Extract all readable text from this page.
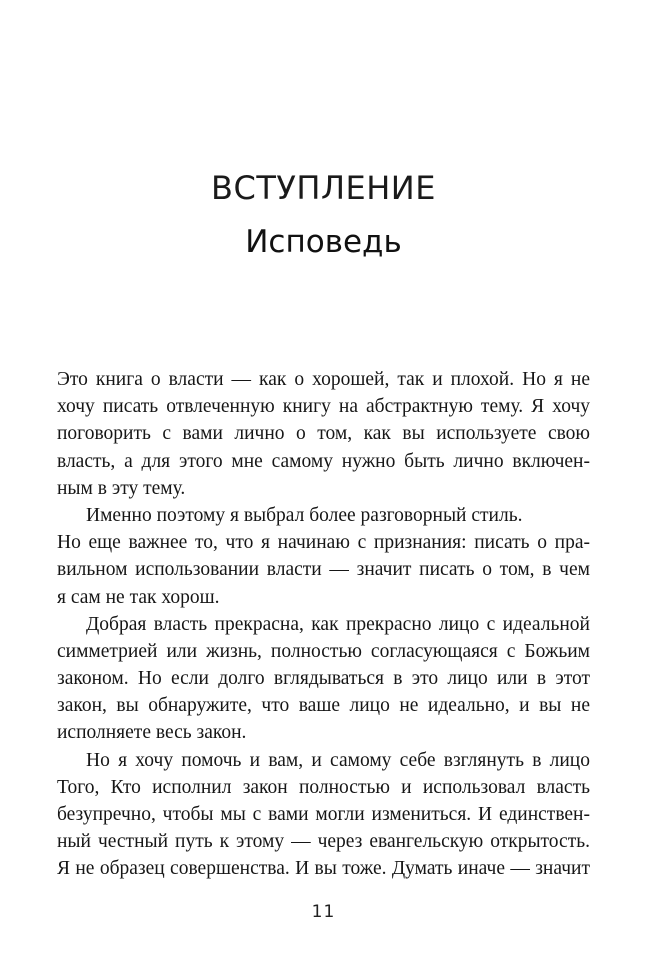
ВСТУПЛЕНИЕ
Исповедь
Это книга о власти — как о хорошей, так и плохой. Но я не
хочу писать отвлеченную книгу на абстрактную тему. Я хочу
поговорить с вами лично о том, как вы используете свою
власть, а для этого мне самому нужно быть лично включен-
ным в эту тему.
Именно поэтому я выбрал более разговорный стиль.
Но еще важнее то, что я начинаю с признания: писать о пра-
вильном использовании власти — значит писать о том, в чем
я сам не так хорош.
Добрая власть прекрасна, как прекрасно лицо с идеальной
симметрией или жизнь, полностью согласующаяся с Божьим
законом. Но если долго вглядываться в это лицо или в этот
закон, вы обнаружите, что ваше лицо не идеально, и вы не
исполняете весь закон.
Но я хочу помочь и вам, и самому себе взглянуть в лицо
Того, Кто исполнил закон полностью и использовал власть
безупречно, чтобы мы с вами могли измениться. И единствен-
ный честный путь к этому — через евангельскую открытость.
Я не образец совершенства. И вы тоже. Думать иначе — значит
11
